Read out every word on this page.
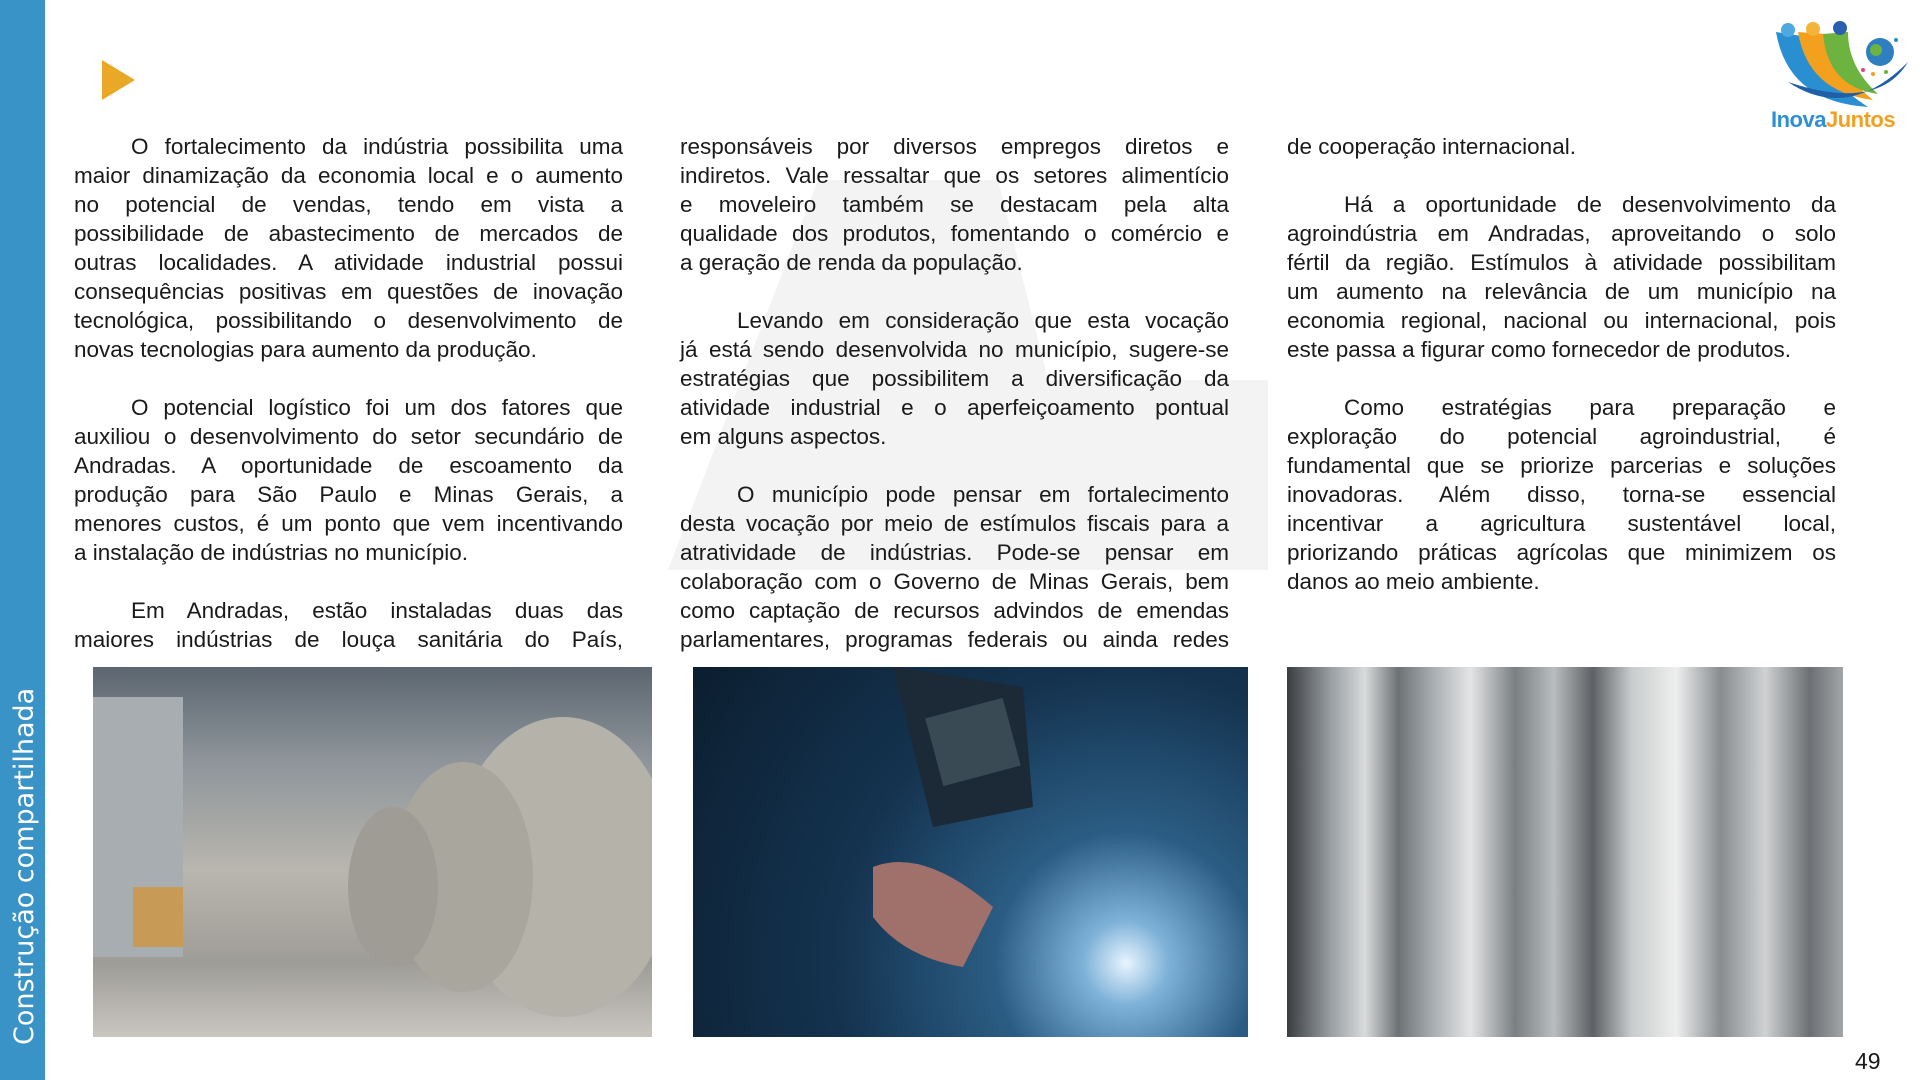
Construção compartilhada
InovaJuntos
O fortalecimento da indústria possibilita uma
maior dinamização da economia local e o aumento
no potencial de vendas, tendo em vista a
possibilidade de abastecimento de mercados de
outras localidades. A atividade industrial possui
consequências positivas em questões de inovação
tecnológica, possibilitando o desenvolvimento de
novas tecnologias para aumento da produção.
O potencial logístico foi um dos fatores que
auxiliou o desenvolvimento do setor secundário de
Andradas. A oportunidade de escoamento da
produção para São Paulo e Minas Gerais, a
menores custos, é um ponto que vem incentivando
a instalação de indústrias no município.
Em Andradas, estão instaladas duas das
maiores indústrias de louça sanitária do País,
responsáveis por diversos empregos diretos e
indiretos. Vale ressaltar que os setores alimentício
e moveleiro também se destacam pela alta
qualidade dos produtos, fomentando o comércio e
a geração de renda da população.
Levando em consideração que esta vocação
já está sendo desenvolvida no município, sugere-se
estratégias que possibilitem a diversificação da
atividade industrial e o aperfeiçoamento pontual
em alguns aspectos.
O município pode pensar em fortalecimento
desta vocação por meio de estímulos fiscais para a
atratividade de indústrias. Pode-se pensar em
colaboração com o Governo de Minas Gerais, bem
como captação de recursos advindos de emendas
parlamentares, programas federais ou ainda redes
de cooperação internacional.
Há a oportunidade de desenvolvimento da
agroindústria em Andradas, aproveitando o solo
fértil da região. Estímulos à atividade possibilitam
um aumento na relevância de um município na
economia regional, nacional ou internacional, pois
este passa a figurar como fornecedor de produtos.
Como estratégias para preparação e
exploração do potencial agroindustrial, é
fundamental que se priorize parcerias e soluções
inovadoras. Além disso, torna-se essencial
incentivar a agricultura sustentável local,
priorizando práticas agrícolas que minimizem os
danos ao meio ambiente.
49
